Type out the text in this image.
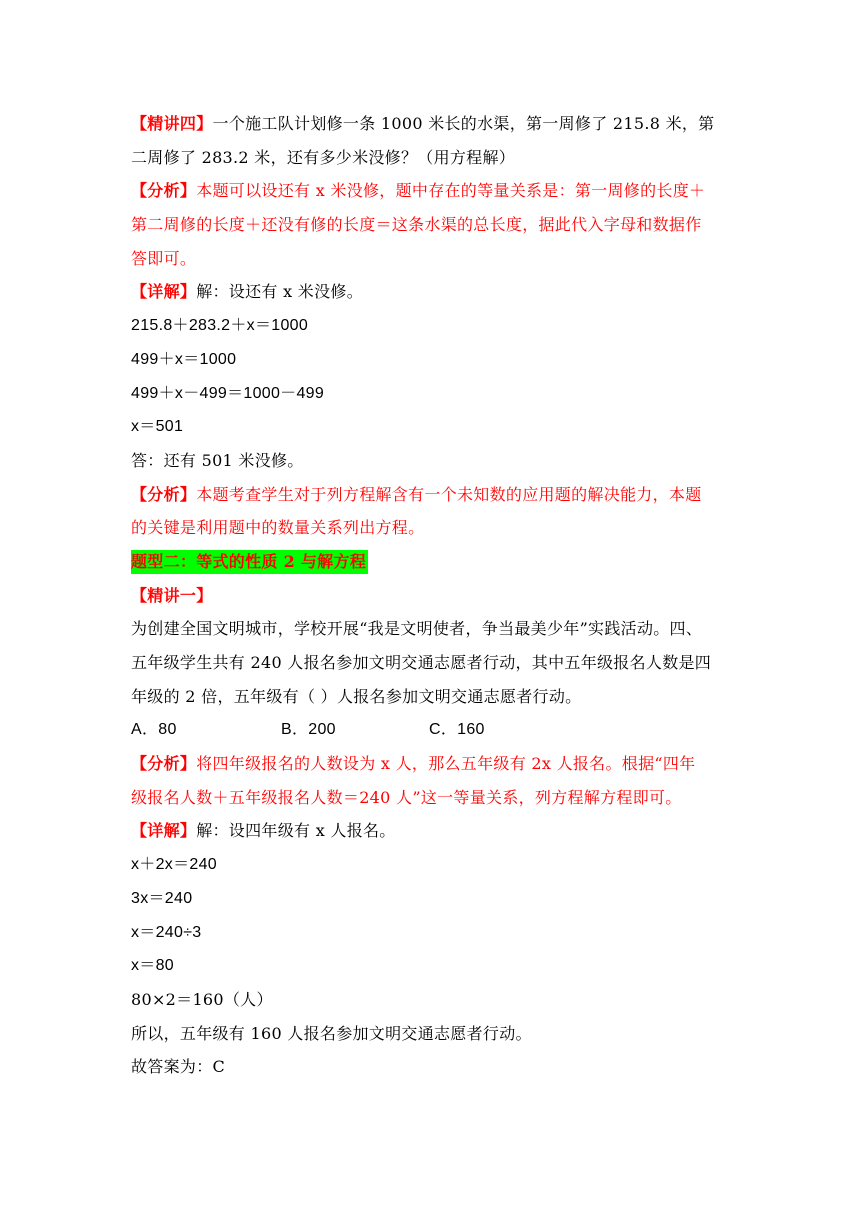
【精讲四】一个施工队计划修一条 1000 米长的水渠，第一周修了 215.8 米，第
二周修了 283.2 米，还有多少米没修？（用方程解）
【分析】本题可以设还有 x 米没修，题中存在的等量关系是：第一周修的长度＋
第二周修的长度＋还没有修的长度＝这条水渠的总长度，据此代入字母和数据作
答即可。
【详解】解：设还有 x 米没修。
215.8＋283.2＋x＝1000
499＋x＝1000
499＋x－499＝1000－499
x＝501
答：还有 501 米没修。
【分析】本题考查学生对于列方程解含有一个未知数的应用题的解决能力，本题
的关键是利用题中的数量关系列出方程。
题型二：等式的性质 2 与解方程
【精讲一】
为创建全国文明城市，学校开展“我是文明使者，争当最美少年”实践活动。四、
五年级学生共有 240 人报名参加文明交通志愿者行动，其中五年级报名人数是四
年级的 2 倍，五年级有（ ）人报名参加文明交通志愿者行动。
A．80	B．200	C．160
【分析】将四年级报名的人数设为 x 人，那么五年级有 2x 人报名。根据“四年
级报名人数＋五年级报名人数＝240 人”这一等量关系，列方程解方程即可。
【详解】解：设四年级有 x 人报名。
x＋2x＝240
3x＝240
x＝240÷3
x＝80
80×2＝160（人）
所以，五年级有 160 人报名参加文明交通志愿者行动。
故答案为：C
